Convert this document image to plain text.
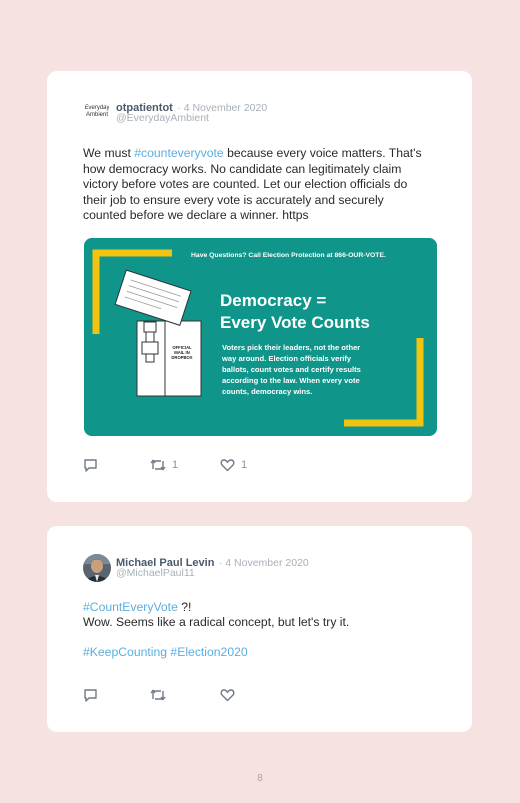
Everyday Ambient
otpatientot · 4 November 2020
@EverydayAmbient
We must #counteveryvote because every voice matters. That's how democracy works. No candidate can legitimately claim victory before votes are counted. Let our election officials do their job to ensure every vote is accurately and securely counted before we declare a winner. https
OFFICIAL
MAIL IN
DROPBOX
Have Questions? Call Election Protection at 866-OUR-VOTE.
Democracy =
Every Vote Counts
Voters pick their leaders, not the other
way around. Election officials verify
ballots, count votes and certify results
according to the law. When every vote
counts, democracy wins.
1	1
Michael Paul Levin · 4 November 2020
@MichaelPaul11
#CountEveryVote ?!
Wow. Seems like a radical concept, but let's try it.
#KeepCounting #Election2020
8
